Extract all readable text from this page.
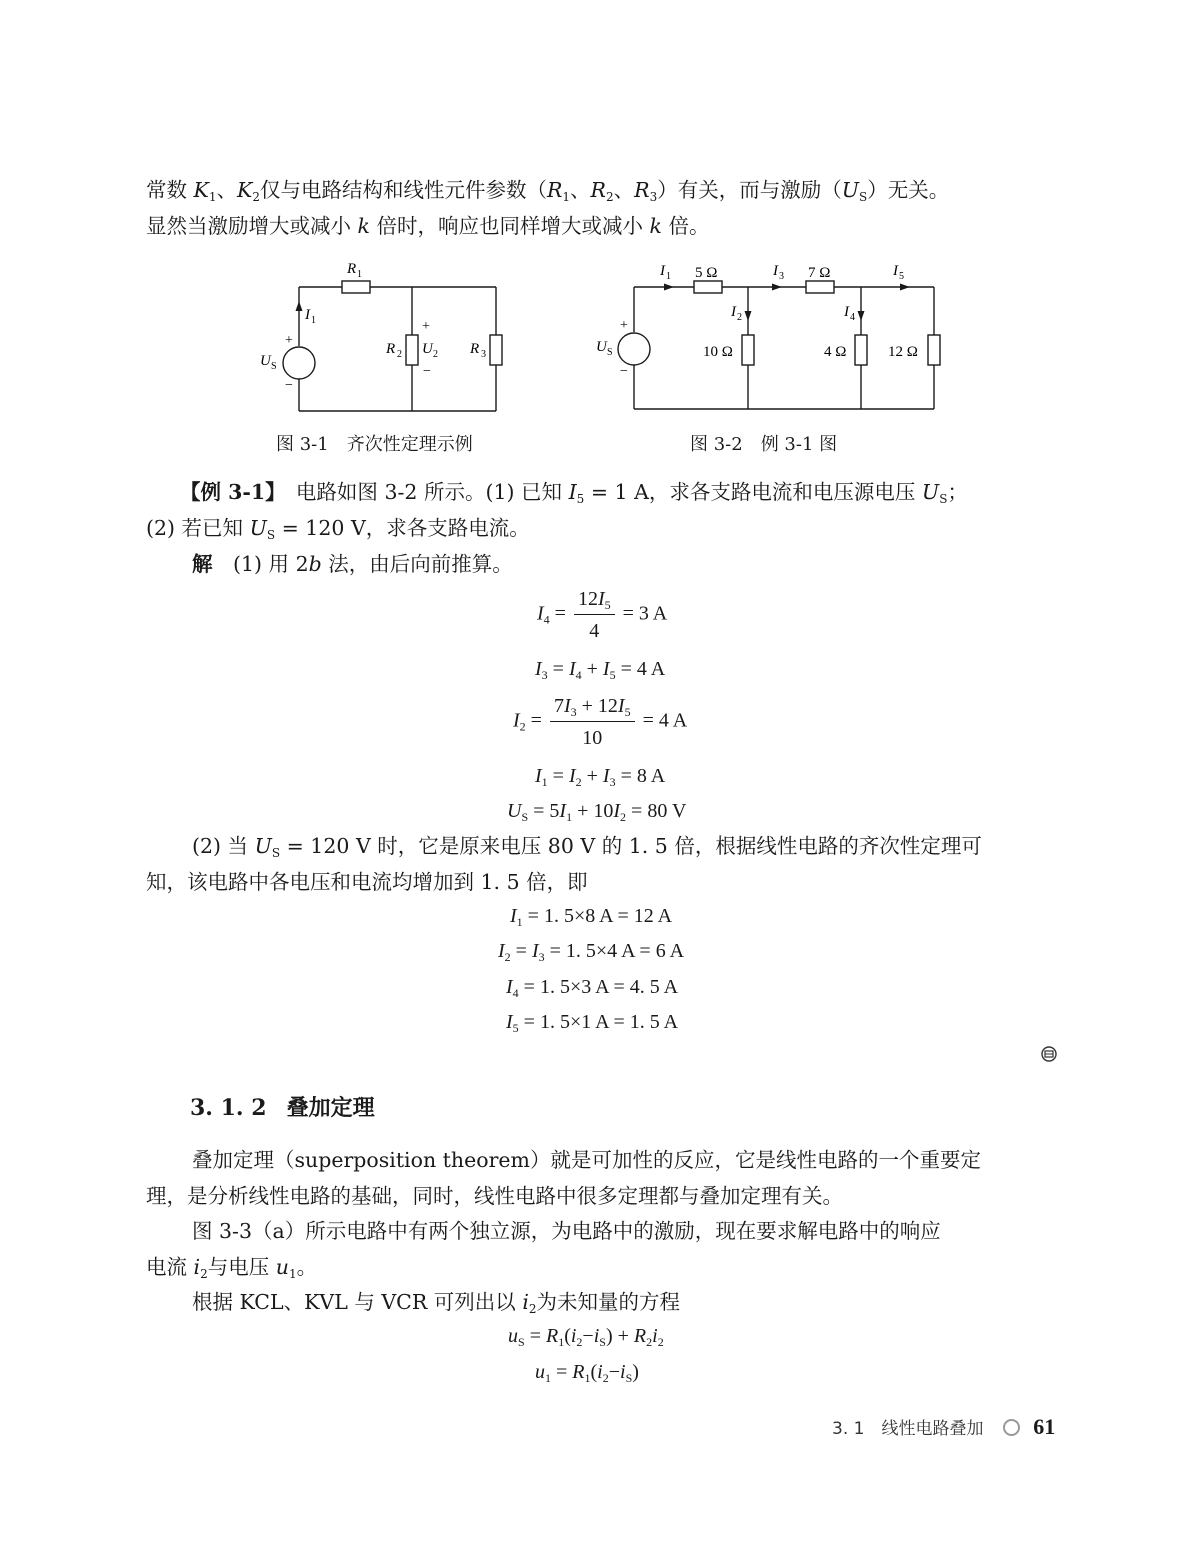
常数 $K_1$、$K_2$仅与电路结构和线性元件参数（$R_1$、$R_2$、$R_3$）有关，而与激励$(U_S)$无关。
显然当激励增大或减小 k 倍时，响应也同样增大或减小 k 倍。
R 1
I 1
+
U S
−
R 2
+
U 2
−
R 3
图 3-1　齐次性定理示例
I 1 5 Ω	I 3 7 Ω	I 5
I 2	I 4
+
U S
−
10 Ω	4 Ω	12 Ω
图 3-2　例 3-1 图
【例 3-1】　电路如图 3-2 所示。(1) 已知 $I_5 = 1$ A，求各支路电流和电压源电压 $U_S$；
(2) 若已知 $U_S = 120$ V，求各支路电流。
解　(1) 用 2b 法，由后向前推算。
$I_4 = \frac{12I_5}{4} = 3$ A
$I_3 = I_4 + I_5 = 4$ A
$I_2 = \frac{7I_3 + 12I_5}{10} = 4$ A
$I_1 = I_2 + I_3 = 8$ A
$U_S = 5I_1 + 10I_2 = 80$ V
(2) 当 $U_S = 120$ V 时，它是原来电压 80 V 的 1. 5 倍，根据线性电路的齐次性定理可
知，该电路中各电压和电流均增加到 1. 5 倍，即
$I_1 = 1$. 5×8 A = 12 A
$I_2 = I_3 = 1$. 5×4 A = 6 A
$I_4 = 1$. 5×3 A = 4. 5 A
$I_5 = 1$. 5×1 A = 1. 5 A
3. 1. 2 叠加定理
叠加定理（superposition theorem）就是可加性的反应，它是线性电路的一个重要定
理，是分析线性电路的基础，同时，线性电路中很多定理都与叠加定理有关。
图 3-3（a）所示电路中有两个独立源，为电路中的激励，现在要求解电路中的响应
电流 $i_2$与电压 $u_1$。
根据 KCL、KVL 与 VCR 可列出以 $i_2$为未知量的方程
$u_S = R_1(i_2-i_S) + R_2i_2$
$u_1 = R_1(i_2-i_S)$
3. 1　线性电路叠加 61
